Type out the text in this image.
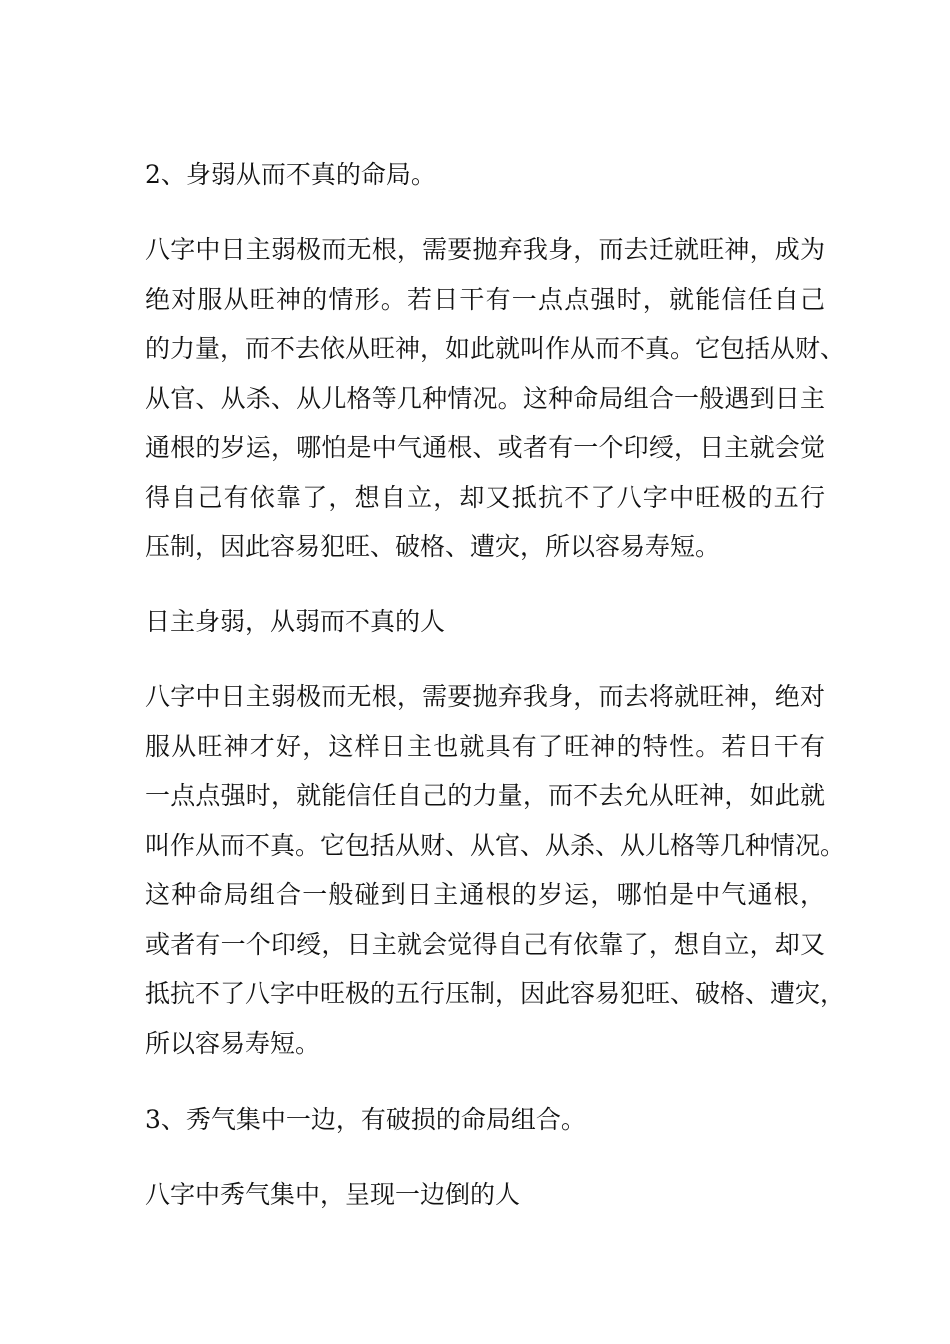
2、身弱从而不真的命局。
八字中日主弱极而无根，需要抛弃我身，而去迁就旺神，成为
绝对服从旺神的情形。若日干有一点点强时，就能信任自己
的力量，而不去依从旺神，如此就叫作从而不真。它包括从财、
从官、从杀、从儿格等几种情况。这种命局组合一般遇到日主
通根的岁运，哪怕是中气通根、或者有一个印绶，日主就会觉
得自己有依靠了，想自立，却又抵抗不了八字中旺极的五行
压制，因此容易犯旺、破格、遭灾，所以容易寿短。
日主身弱，从弱而不真的人
八字中日主弱极而无根，需要抛弃我身，而去将就旺神，绝对
服从旺神才好，这样日主也就具有了旺神的特性。若日干有
一点点强时，就能信任自己的力量，而不去允从旺神，如此就
叫作从而不真。它包括从财、从官、从杀、从儿格等几种情况。
这种命局组合一般碰到日主通根的岁运，哪怕是中气通根，
或者有一个印绶，日主就会觉得自己有依靠了，想自立，却又
抵抗不了八字中旺极的五行压制，因此容易犯旺、破格、遭灾，
所以容易寿短。
3、秀气集中一边，有破损的命局组合。
八字中秀气集中，呈现一边倒的人
